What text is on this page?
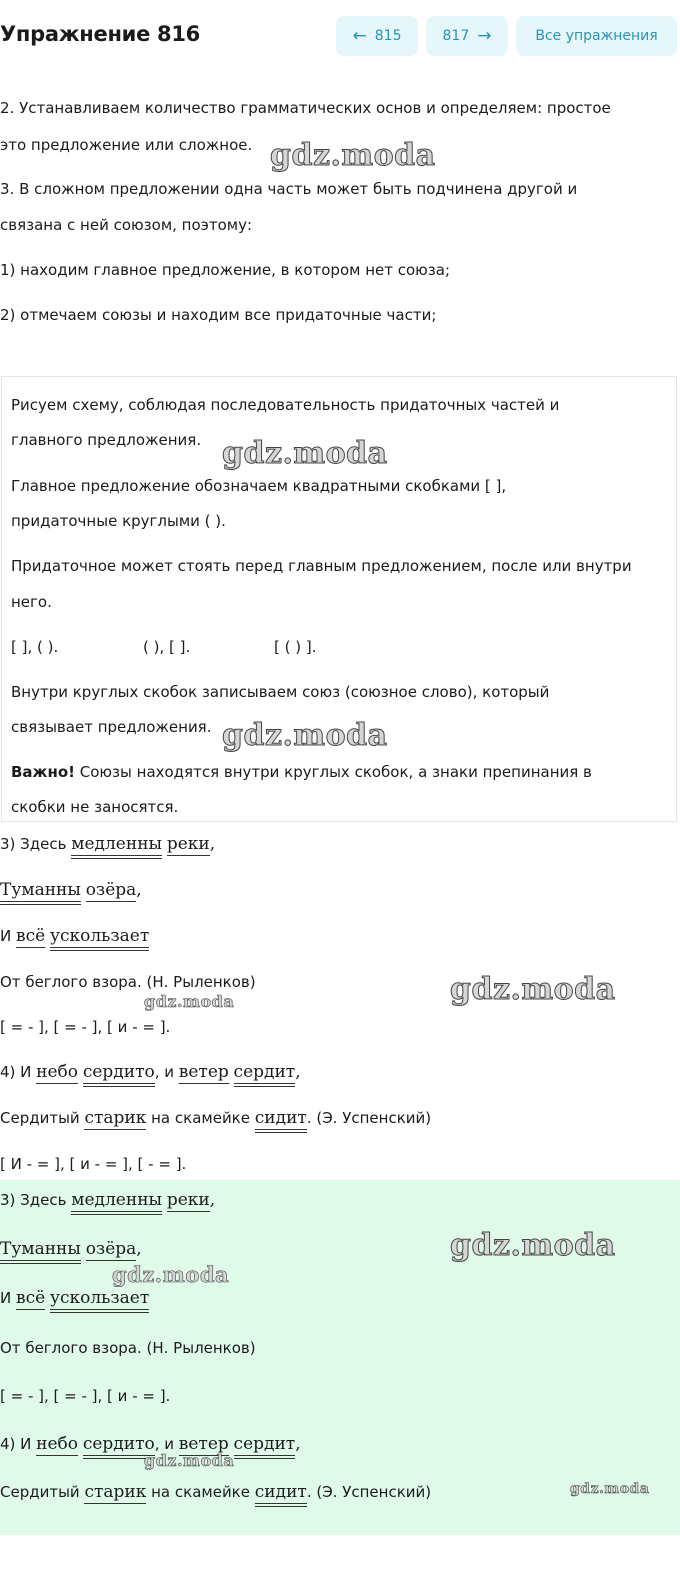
Упражнение 816	← 815	817 →	Все упражнения
2. Устанавливаем количество грамматических основ и определяем: простое
это предложение или сложное.
3. В сложном предложении одна часть может быть подчинена другой и
связана с ней союзом, поэтому:
1) находим главное предложение, в котором нет союза;
2) отмечаем союзы и находим все придаточные части;
Рисуем схему, соблюдая последовательность придаточных частей и
главного предложения.
Главное предложение обозначаем квадратными скобками [ ],
придаточные круглыми ( ).
Придаточное может стоять перед главным предложением, после или внутри
него.
[ ], ( ).	( ), [ ].	[ ( ) ].
Внутри круглых скобок записываем союз (союзное слово), который
связывает предложения.
Важно! Союзы находятся внутри круглых скобок, а знаки препинания в
скобки не заносятся.
3) Здесь медленны реки,
Туманны озёра,
И всё ускользает
От беглого взора. (Н. Рыленков)
[ = - ], [ = - ], [ и - = ].
4) И небо сердито, и ветер сердит,
Сердитый старик на скамейке сидит. (Э. Успенский)
[ И - = ], [ и - = ], [ - = ].
3) Здесь медленны реки,
Туманны озёра,
И всё ускользает
От беглого взора. (Н. Рыленков)
[ = - ], [ = - ], [ и - = ].
4) И небо сердито, и ветер сердит,
Сердитый старик на скамейке сидит. (Э. Успенский)
gdz.moda
gdz.moda
gdz.moda
gdz.moda
gdz.moda
gdz.moda
gdz.moda
gdz.moda
gdz.moda
